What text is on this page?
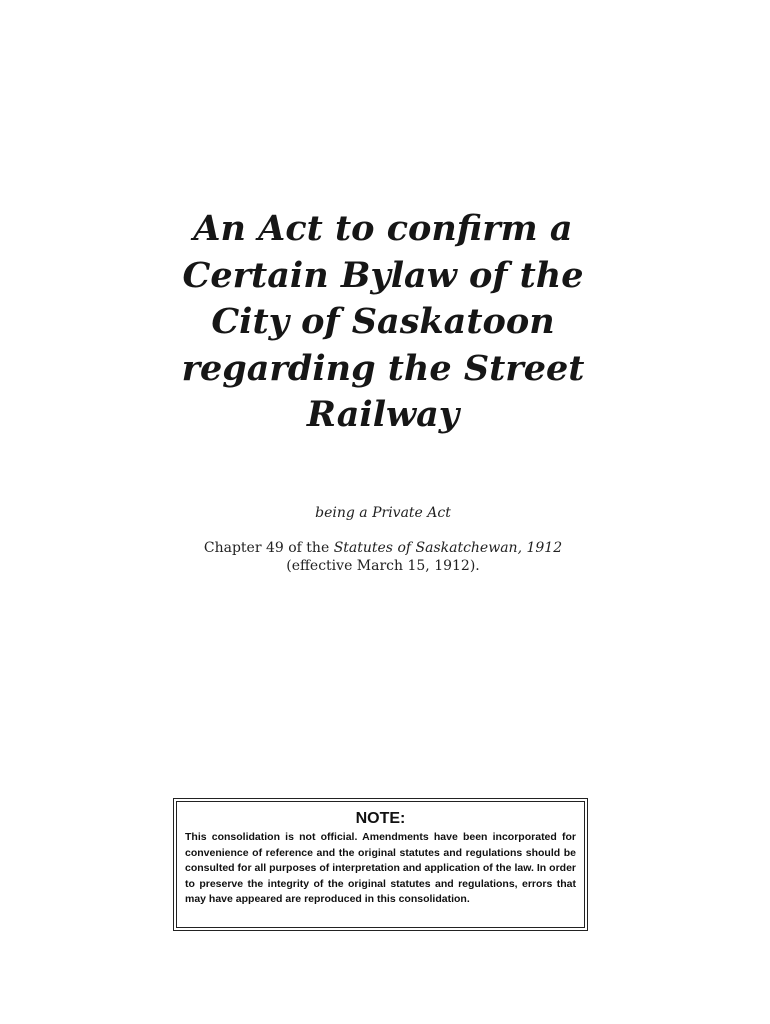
An Act to confirm a
Certain Bylaw of the
City of Saskatoon
regarding the Street
Railway
being a Private Act
Chapter 49 of the Statutes of Saskatchewan, 1912
(effective March 15, 1912).
NOTE:
This consolidation is not official. Amendments have been incorporated for convenience of reference and the original statutes and regulations should be consulted for all purposes of interpretation and application of the law. In order to preserve the integrity of the original statutes and regulations, errors that may have appeared are reproduced in this consolidation.
